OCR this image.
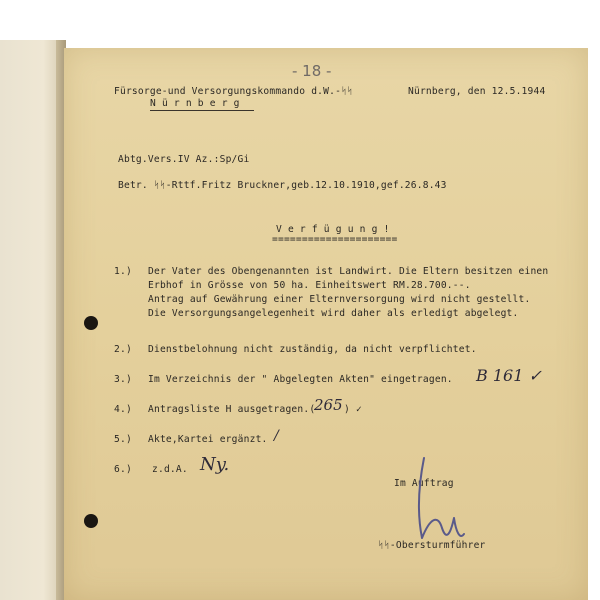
- 18 -
Fürsorge-und Versorgungskommando d.W.-ᛋᛋ
N ü r n b e r g
Nürnberg, den 12.5.1944
Abtg.Vers.IV Az.:Sp/Gi
Betr. ᛋᛋ-Rttf.Fritz Bruckner,geb.12.10.1910,gef.26.8.43
V e r f ü g u n g !
=====================
1.) Der Vater des Obengenannten ist Landwirt. Die Eltern besitzen einen
Erbhof in Grösse von 50 ha. Einheitswert RM.28.700.--.
Antrag auf Gewährung einer Elternversorgung wird nicht gestellt.
Die Versorgungsangelegenheit wird daher als erledigt abgelegt.
2.) Dienstbelohnung nicht zuständig, da nicht verpflichtet.
3.) Im Verzeichnis der " Abgelegten Akten" eingetragen. B 161 ✓
4.) Antragsliste H ausgetragen.(
265 ) ✓
5.) Akte,Kartei ergänzt. /
6.) z.d.A. Ny.
Im Auftrag
ᛋᛋ-Obersturmführer
